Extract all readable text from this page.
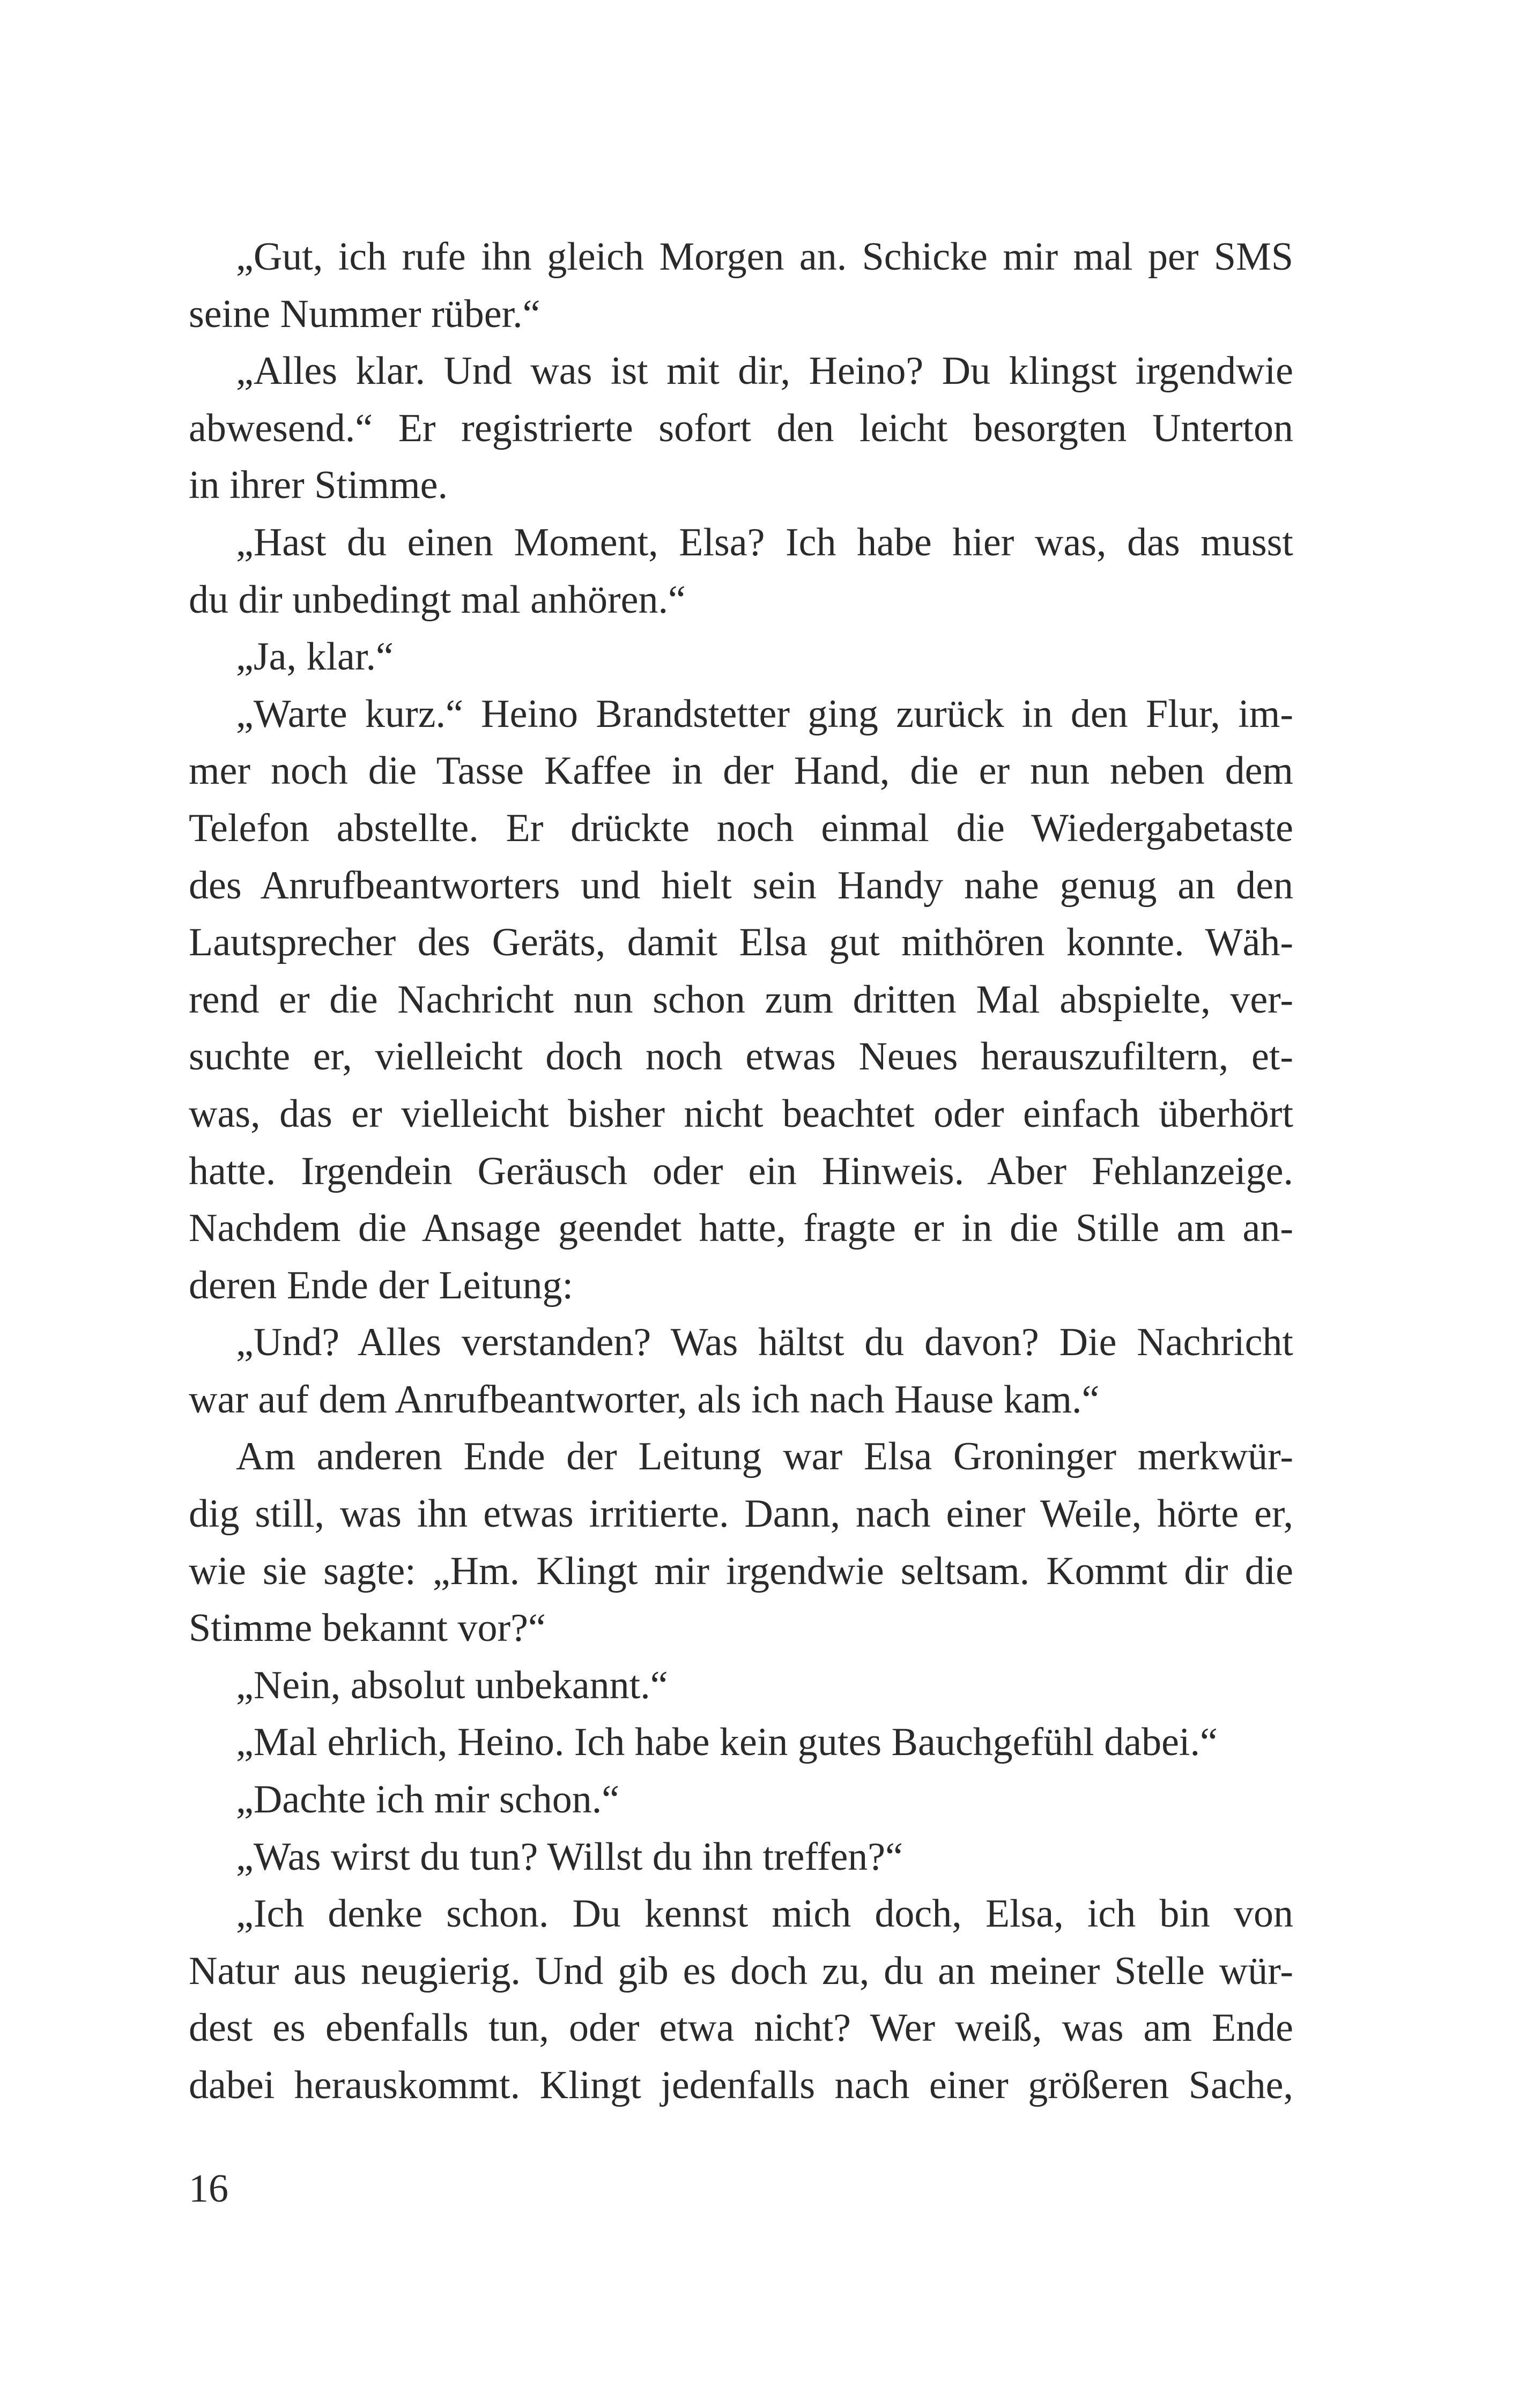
„Gut, ich rufe ihn gleich Morgen an. Schicke mir mal per SMS
seine Nummer rüber.“
„Alles klar. Und was ist mit dir, Heino? Du klingst irgendwie
abwesend.“ Er registrierte sofort den leicht besorgten Unterton
in ihrer Stimme.
„Hast du einen Moment, Elsa? Ich habe hier was, das musst
du dir unbedingt mal anhören.“
„Ja, klar.“
„Warte kurz.“ Heino Brandstetter ging zurück in den Flur, im-
mer noch die Tasse Kaffee in der Hand, die er nun neben dem
Telefon abstellte. Er drückte noch einmal die Wiedergabetaste
des Anrufbeantworters und hielt sein Handy nahe genug an den
Lautsprecher des Geräts, damit Elsa gut mithören konnte. Wäh-
rend er die Nachricht nun schon zum dritten Mal abspielte, ver-
suchte er, vielleicht doch noch etwas Neues herauszufiltern, et-
was, das er vielleicht bisher nicht beachtet oder einfach überhört
hatte. Irgendein Geräusch oder ein Hinweis. Aber Fehlanzeige.
Nachdem die Ansage geendet hatte, fragte er in die Stille am an-
deren Ende der Leitung:
„Und? Alles verstanden? Was hältst du davon? Die Nachricht
war auf dem Anrufbeantworter, als ich nach Hause kam.“
Am anderen Ende der Leitung war Elsa Groninger merkwür-
dig still, was ihn etwas irritierte. Dann, nach einer Weile, hörte er,
wie sie sagte: „Hm. Klingt mir irgendwie seltsam. Kommt dir die
Stimme bekannt vor?“
„Nein, absolut unbekannt.“
„Mal ehrlich, Heino. Ich habe kein gutes Bauchgefühl dabei.“
„Dachte ich mir schon.“
„Was wirst du tun? Willst du ihn treffen?“
„Ich denke schon. Du kennst mich doch, Elsa, ich bin von
Natur aus neugierig. Und gib es doch zu, du an meiner Stelle wür-
dest es ebenfalls tun, oder etwa nicht? Wer weiß, was am Ende
dabei herauskommt. Klingt jedenfalls nach einer größeren Sache,
16
